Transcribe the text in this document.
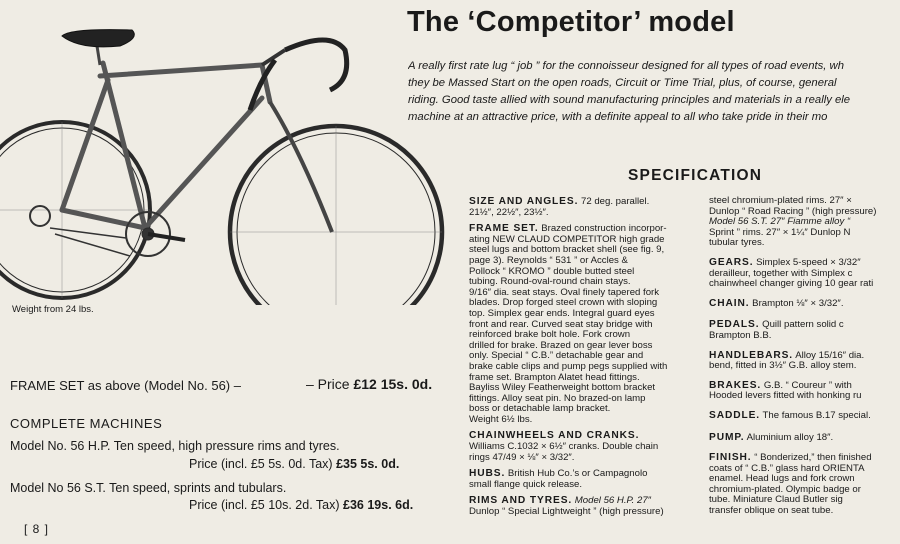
The ‘Competitor’ model
A really first rate lug “ job ” for the connoisseur designed for all types of road events, wh
they be Massed Start on the open roads, Circuit or Time Trial, plus, of course, general
riding. Good taste allied with sound manufacturing principles and materials in a really ele
machine at an attractive price, with a definite appeal to all who take pride in their mo
Weight from 24 lbs.
FRAME SET as above (Model No. 56) –	– Price £12 15s. 0d.
COMPLETE MACHINES
Model No. 56 H.P. Ten speed, high pressure rims and tyres.
Price (incl. £5 5s. 0d. Tax) £35 5s. 0d.
Model No 56 S.T. Ten speed, sprints and tubulars.
Price (incl. £5 10s. 2d. Tax) £36 19s. 6d.
[ 8 ]
SPECIFICATION
SIZE AND ANGLES. 72 deg. parallel.
21½″, 22½″, 23½″.
FRAME SET. Brazed construction incorpor-
ating NEW CLAUD COMPETITOR high grade
steel lugs and bottom bracket shell (see fig. 9,
page 3). Reynolds “ 531 ” or Accles &
Pollock “ KROMO ” double butted steel
tubing. Round-oval-round chain stays.
9/16″ dia. seat stays. Oval finely tapered fork
blades. Drop forged steel crown with sloping
top. Simplex gear ends. Integral guard eyes
front and rear. Curved seat stay bridge with
reinforced brake bolt hole. Fork crown
drilled for brake. Brazed on gear lever boss
only. Special “ C.B.” detachable gear and
brake cable clips and pump pegs supplied with
frame set. Brampton Alatet head fittings.
Bayliss Wiley Featherweight bottom bracket
fittings. Alloy seat pin. No brazed-on lamp
boss or detachable lamp bracket.
Weight 6½ lbs.
CHAINWHEELS AND CRANKS.
Williams C.1032 × 6½″ cranks. Double chain
rings 47/49 × ⅛″ × 3/32″.
HUBS. British Hub Co.’s or Campagnolo
small flange quick release.
RIMS AND TYRES. Model 56 H.P. 27″
Dunlop “ Special Lightweight ” (high pressure)
steel chromium-plated rims. 27″ ×
Dunlop “ Road Racing ” (high pressure)
Model 56 S.T. 27″ Fiamme alloy “
Sprint ” rims. 27″ × 1¼″ Dunlop N
tubular tyres.
GEARS. Simplex 5-speed × 3/32″
derailleur, together with Simplex c
chainwheel changer giving 10 gear rati
CHAIN. Brampton ⅛″ × 3/32″.
PEDALS. Quill pattern solid c
Brampton B.B.
HANDLEBARS. Alloy 15/16″ dia.
bend, fitted in 3½″ G.B. alloy stem.
BRAKES. G.B. “ Coureur ” with
Hooded levers fitted with honking ru
SADDLE. The famous B.17 special.
PUMP. Aluminium alloy 18″.
FINISH. “ Bonderized,” then finished
coats of “ C.B.” glass hard ORIENTA
enamel. Head lugs and fork crown
chromium-plated. Olympic badge or
tube. Miniature Claud Butler sig
transfer oblique on seat tube.
